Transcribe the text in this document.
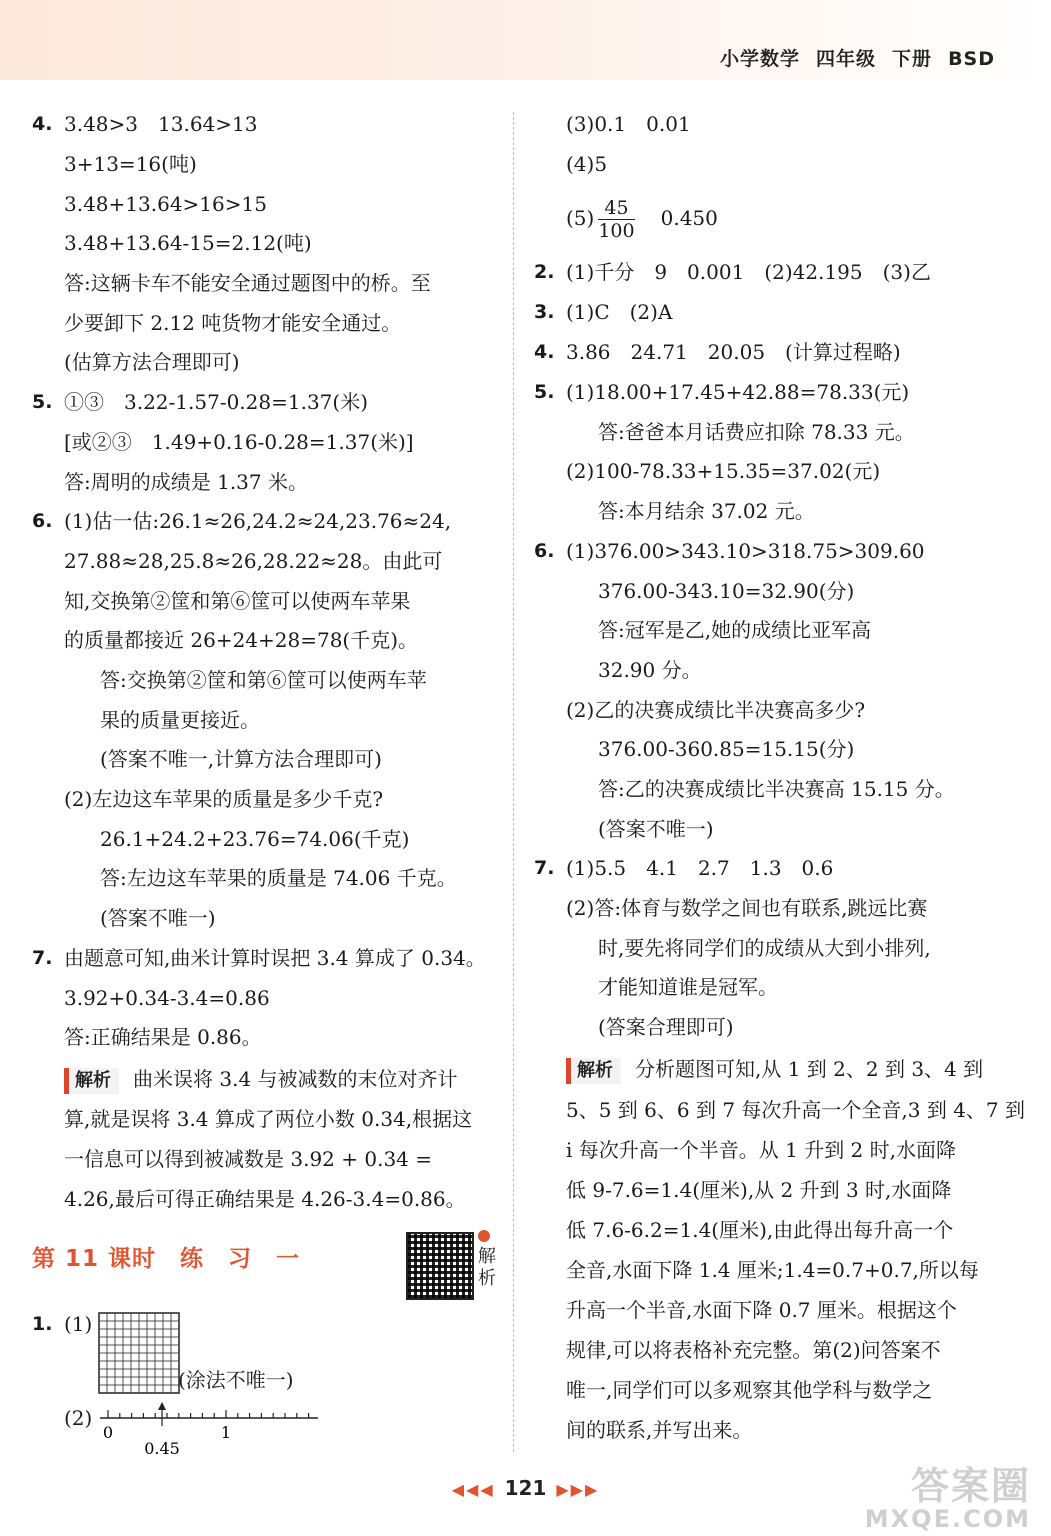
小学数学 四年级 下册 BSD
4. 3.48>3　13.64>13
3+13=16(吨)
3.48+13.64>16>15
3.48+13.64-15=2.12(吨)
答:这辆卡车不能安全通过题图中的桥。至
少要卸下 2.12 吨货物才能安全通过。
(估算方法合理即可)
5. ①③　3.22-1.57-0.28=1.37(米)
[或②③　1.49+0.16-0.28=1.37(米)]
答:周明的成绩是 1.37 米。
6. (1)估一估:26.1≈26,24.2≈24,23.76≈24,
27.88≈28,25.8≈26,28.22≈28。由此可
知,交换第②筐和第⑥筐可以使两车苹果
的质量都接近 26+24+28=78(千克)。
答:交换第②筐和第⑥筐可以使两车苹
果的质量更接近。
(答案不唯一,计算方法合理即可)
(2)左边这车苹果的质量是多少千克?
26.1+24.2+23.76=74.06(千克)
答:左边这车苹果的质量是 74.06 千克。
(答案不唯一)
7. 由题意可知,曲米计算时误把 3.4 算成了 0.34。
3.92+0.34-3.4=0.86
答:正确结果是 0.86。
解析 曲米误将 3.4 与被减数的末位对齐计
算,就是误将 3.4 算成了两位小数 0.34,根据这
一信息可以得到被减数是 3.92 + 0.34 =
4.26,最后可得正确结果是 4.26-3.4=0.86。
第 11 课时　练　习　一	解析
1. (1)
(涂法不唯一)
(2)
0	1
0.45
(3)0.1　0.01
(4)5
$(5) \frac{45}{100}$
　 0.450
2. (1)千分　9　0.001　(2)42.195　(3)乙
3. (1)C　(2)A
4. 3.86　24.71　20.05　(计算过程略)
5. (1)18.00+17.45+42.88=78.33(元)
答:爸爸本月话费应扣除 78.33 元。
(2)100-78.33+15.35=37.02(元)
答:本月结余 37.02 元。
6. (1)376.00>343.10>318.75>309.60
376.00-343.10=32.90(分)
答:冠军是乙,她的成绩比亚军高
32.90 分。
(2)乙的决赛成绩比半决赛高多少?
376.00-360.85=15.15(分)
答:乙的决赛成绩比半决赛高 15.15 分。
(答案不唯一)
7. (1)5.5　4.1　2.7　1.3　0.6
(2)答:体育与数学之间也有联系,跳远比赛
时,要先将同学们的成绩从大到小排列,
才能知道谁是冠军。
(答案合理即可)
解析 分析题图可知,从 1 到 2、2 到 3、4 到
5、5 到 6、6 到 7 每次升高一个全音,3 到 4、7 到
i 每次升高一个半音。从 1 升到 2 时,水面降
低 9-7.6=1.4(厘米),从 2 升到 3 时,水面降
低 7.6-6.2=1.4(厘米),由此得出每升高一个
全音,水面下降 1.4 厘米;1.4=0.7+0.7,所以每
升高一个半音,水面下降 0.7 厘米。根据这个
规律,可以将表格补充完整。第(2)问答案不
唯一,同学们可以多观察其他学科与数学之
间的联系,并写出来。
◀◀◀ 121 ▶▶▶	答案圈
MXQE.COM
